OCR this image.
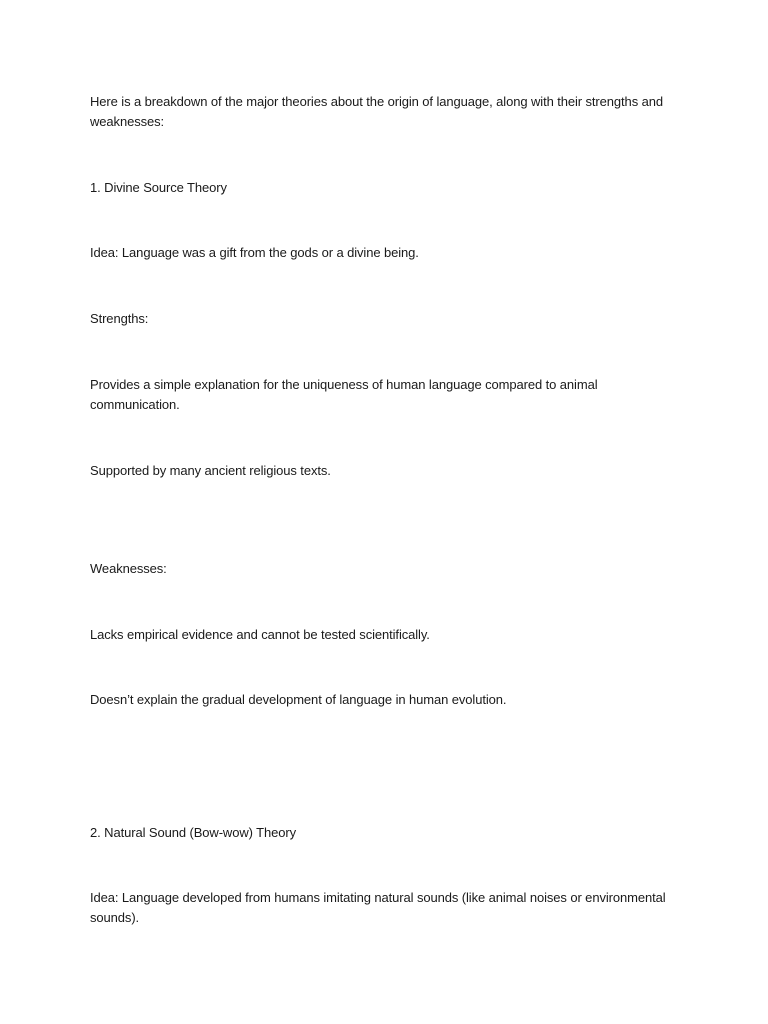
Here is a breakdown of the major theories about the origin of language, along with their strengths and weaknesses:

1. Divine Source Theory

Idea: Language was a gift from the gods or a divine being.

Strengths:

Provides a simple explanation for the uniqueness of human language compared to animal communication.

Supported by many ancient religious texts.

Weaknesses:

Lacks empirical evidence and cannot be tested scientifically.

Doesn’t explain the gradual development of language in human evolution.

2. Natural Sound (Bow-wow) Theory

Idea: Language developed from humans imitating natural sounds (like animal noises or environmental sounds).
